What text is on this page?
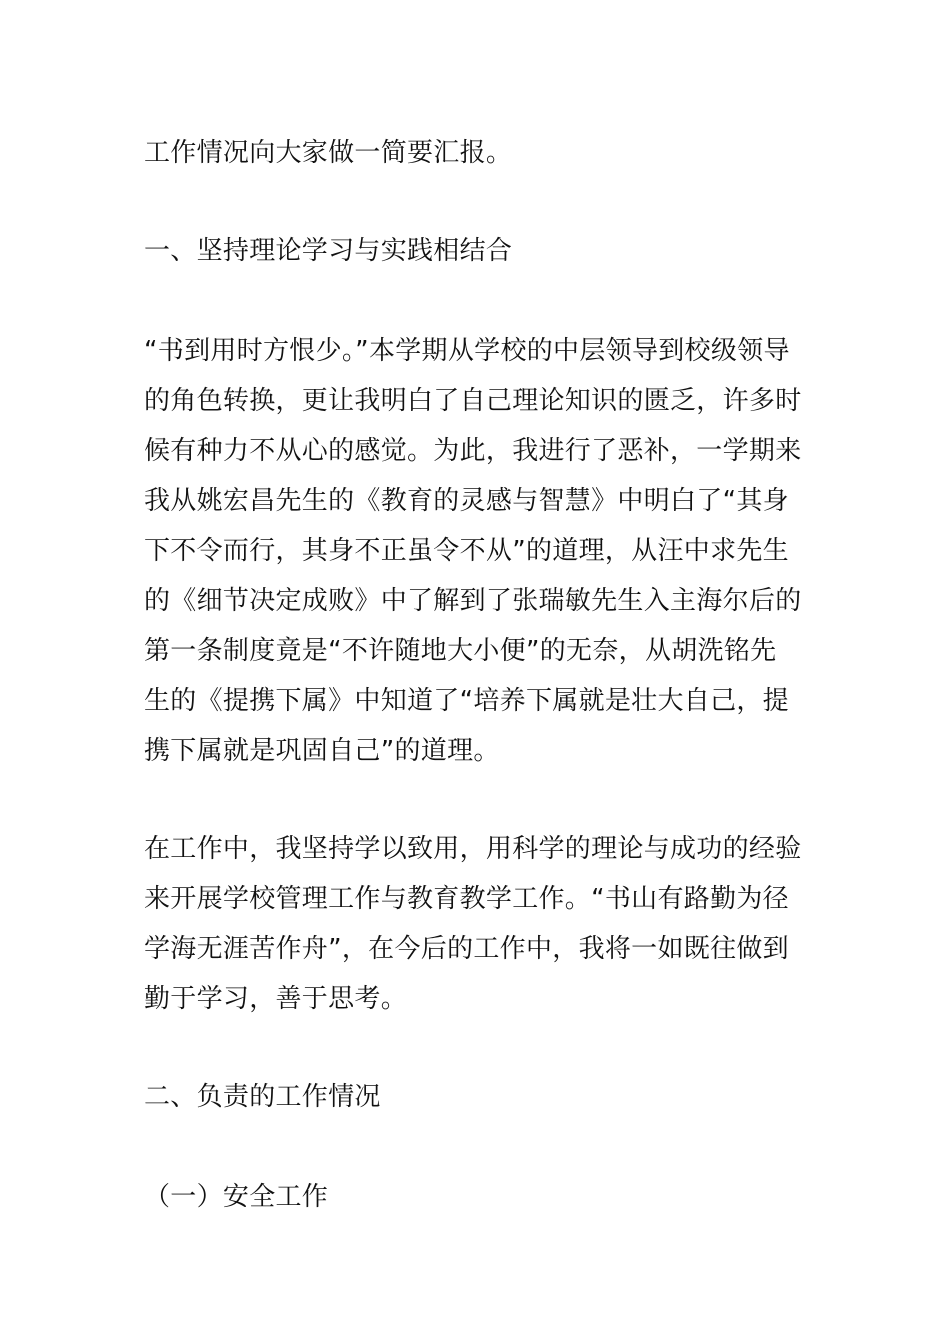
工作情况向大家做一简要汇报。
一、坚持理论学习与实践相结合
“书到用时方恨少。”本学期从学校的中层领导到校级领导
的角色转换，更让我明白了自己理论知识的匮乏，许多时
候有种力不从心的感觉。为此，我进行了恶补，一学期来
我从姚宏昌先生的《教育的灵感与智慧》中明白了“其身
下不令而行，其身不正虽令不从”的道理，从汪中求先生
的《细节决定成败》中了解到了张瑞敏先生入主海尔后的
第一条制度竟是“不许随地大小便”的无奈，从胡洗铭先
生的《提携下属》中知道了“培养下属就是壮大自己，提
携下属就是巩固自己”的道理。
在工作中，我坚持学以致用，用科学的理论与成功的经验
来开展学校管理工作与教育教学工作。“书山有路勤为径
学海无涯苦作舟”，在今后的工作中，我将一如既往做到
勤于学习，善于思考。
二、负责的工作情况
（一）安全工作
